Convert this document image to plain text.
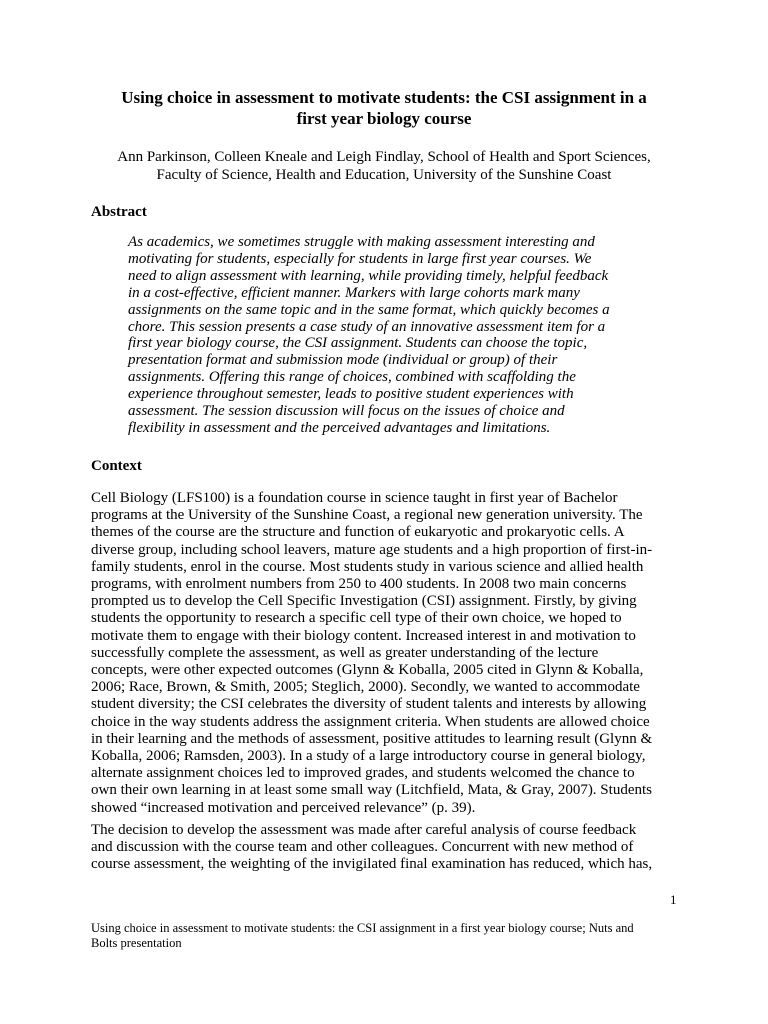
Using choice in assessment to motivate students: the CSI assignment in a
first year biology course
Ann Parkinson, Colleen Kneale and Leigh Findlay, School of Health and Sport Sciences,
Faculty of Science, Health and Education, University of the Sunshine Coast
Abstract
As academics, we sometimes struggle with making assessment interesting and
motivating for students, especially for students in large first year courses. We
need to align assessment with learning, while providing timely, helpful feedback
in a cost-effective, efficient manner. Markers with large cohorts mark many
assignments on the same topic and in the same format, which quickly becomes a
chore. This session presents a case study of an innovative assessment item for a
first year biology course, the CSI assignment. Students can choose the topic,
presentation format and submission mode (individual or group) of their
assignments. Offering this range of choices, combined with scaffolding the
experience throughout semester, leads to positive student experiences with
assessment. The session discussion will focus on the issues of choice and
flexibility in assessment and the perceived advantages and limitations.
Context
Cell Biology (LFS100) is a foundation course in science taught in first year of Bachelor
programs at the University of the Sunshine Coast, a regional new generation university. The
themes of the course are the structure and function of eukaryotic and prokaryotic cells. A
diverse group, including school leavers, mature age students and a high proportion of first-in-
family students, enrol in the course. Most students study in various science and allied health
programs, with enrolment numbers from 250 to 400 students. In 2008 two main concerns
prompted us to develop the Cell Specific Investigation (CSI) assignment. Firstly, by giving
students the opportunity to research a specific cell type of their own choice, we hoped to
motivate them to engage with their biology content. Increased interest in and motivation to
successfully complete the assessment, as well as greater understanding of the lecture
concepts, were other expected outcomes (Glynn & Koballa, 2005 cited in Glynn & Koballa,
2006; Race, Brown, & Smith, 2005; Steglich, 2000). Secondly, we wanted to accommodate
student diversity; the CSI celebrates the diversity of student talents and interests by allowing
choice in the way students address the assignment criteria. When students are allowed choice
in their learning and the methods of assessment, positive attitudes to learning result (Glynn &
Koballa, 2006; Ramsden, 2003). In a study of a large introductory course in general biology,
alternate assignment choices led to improved grades, and students welcomed the chance to
own their own learning in at least some small way (Litchfield, Mata, & Gray, 2007). Students
showed “increased motivation and perceived relevance” (p. 39).
The decision to develop the assessment was made after careful analysis of course feedback
and discussion with the course team and other colleagues. Concurrent with new method of
course assessment, the weighting of the invigilated final examination has reduced, which has,
1
Using choice in assessment to motivate students: the CSI assignment in a first year biology course; Nuts and
Bolts presentation
